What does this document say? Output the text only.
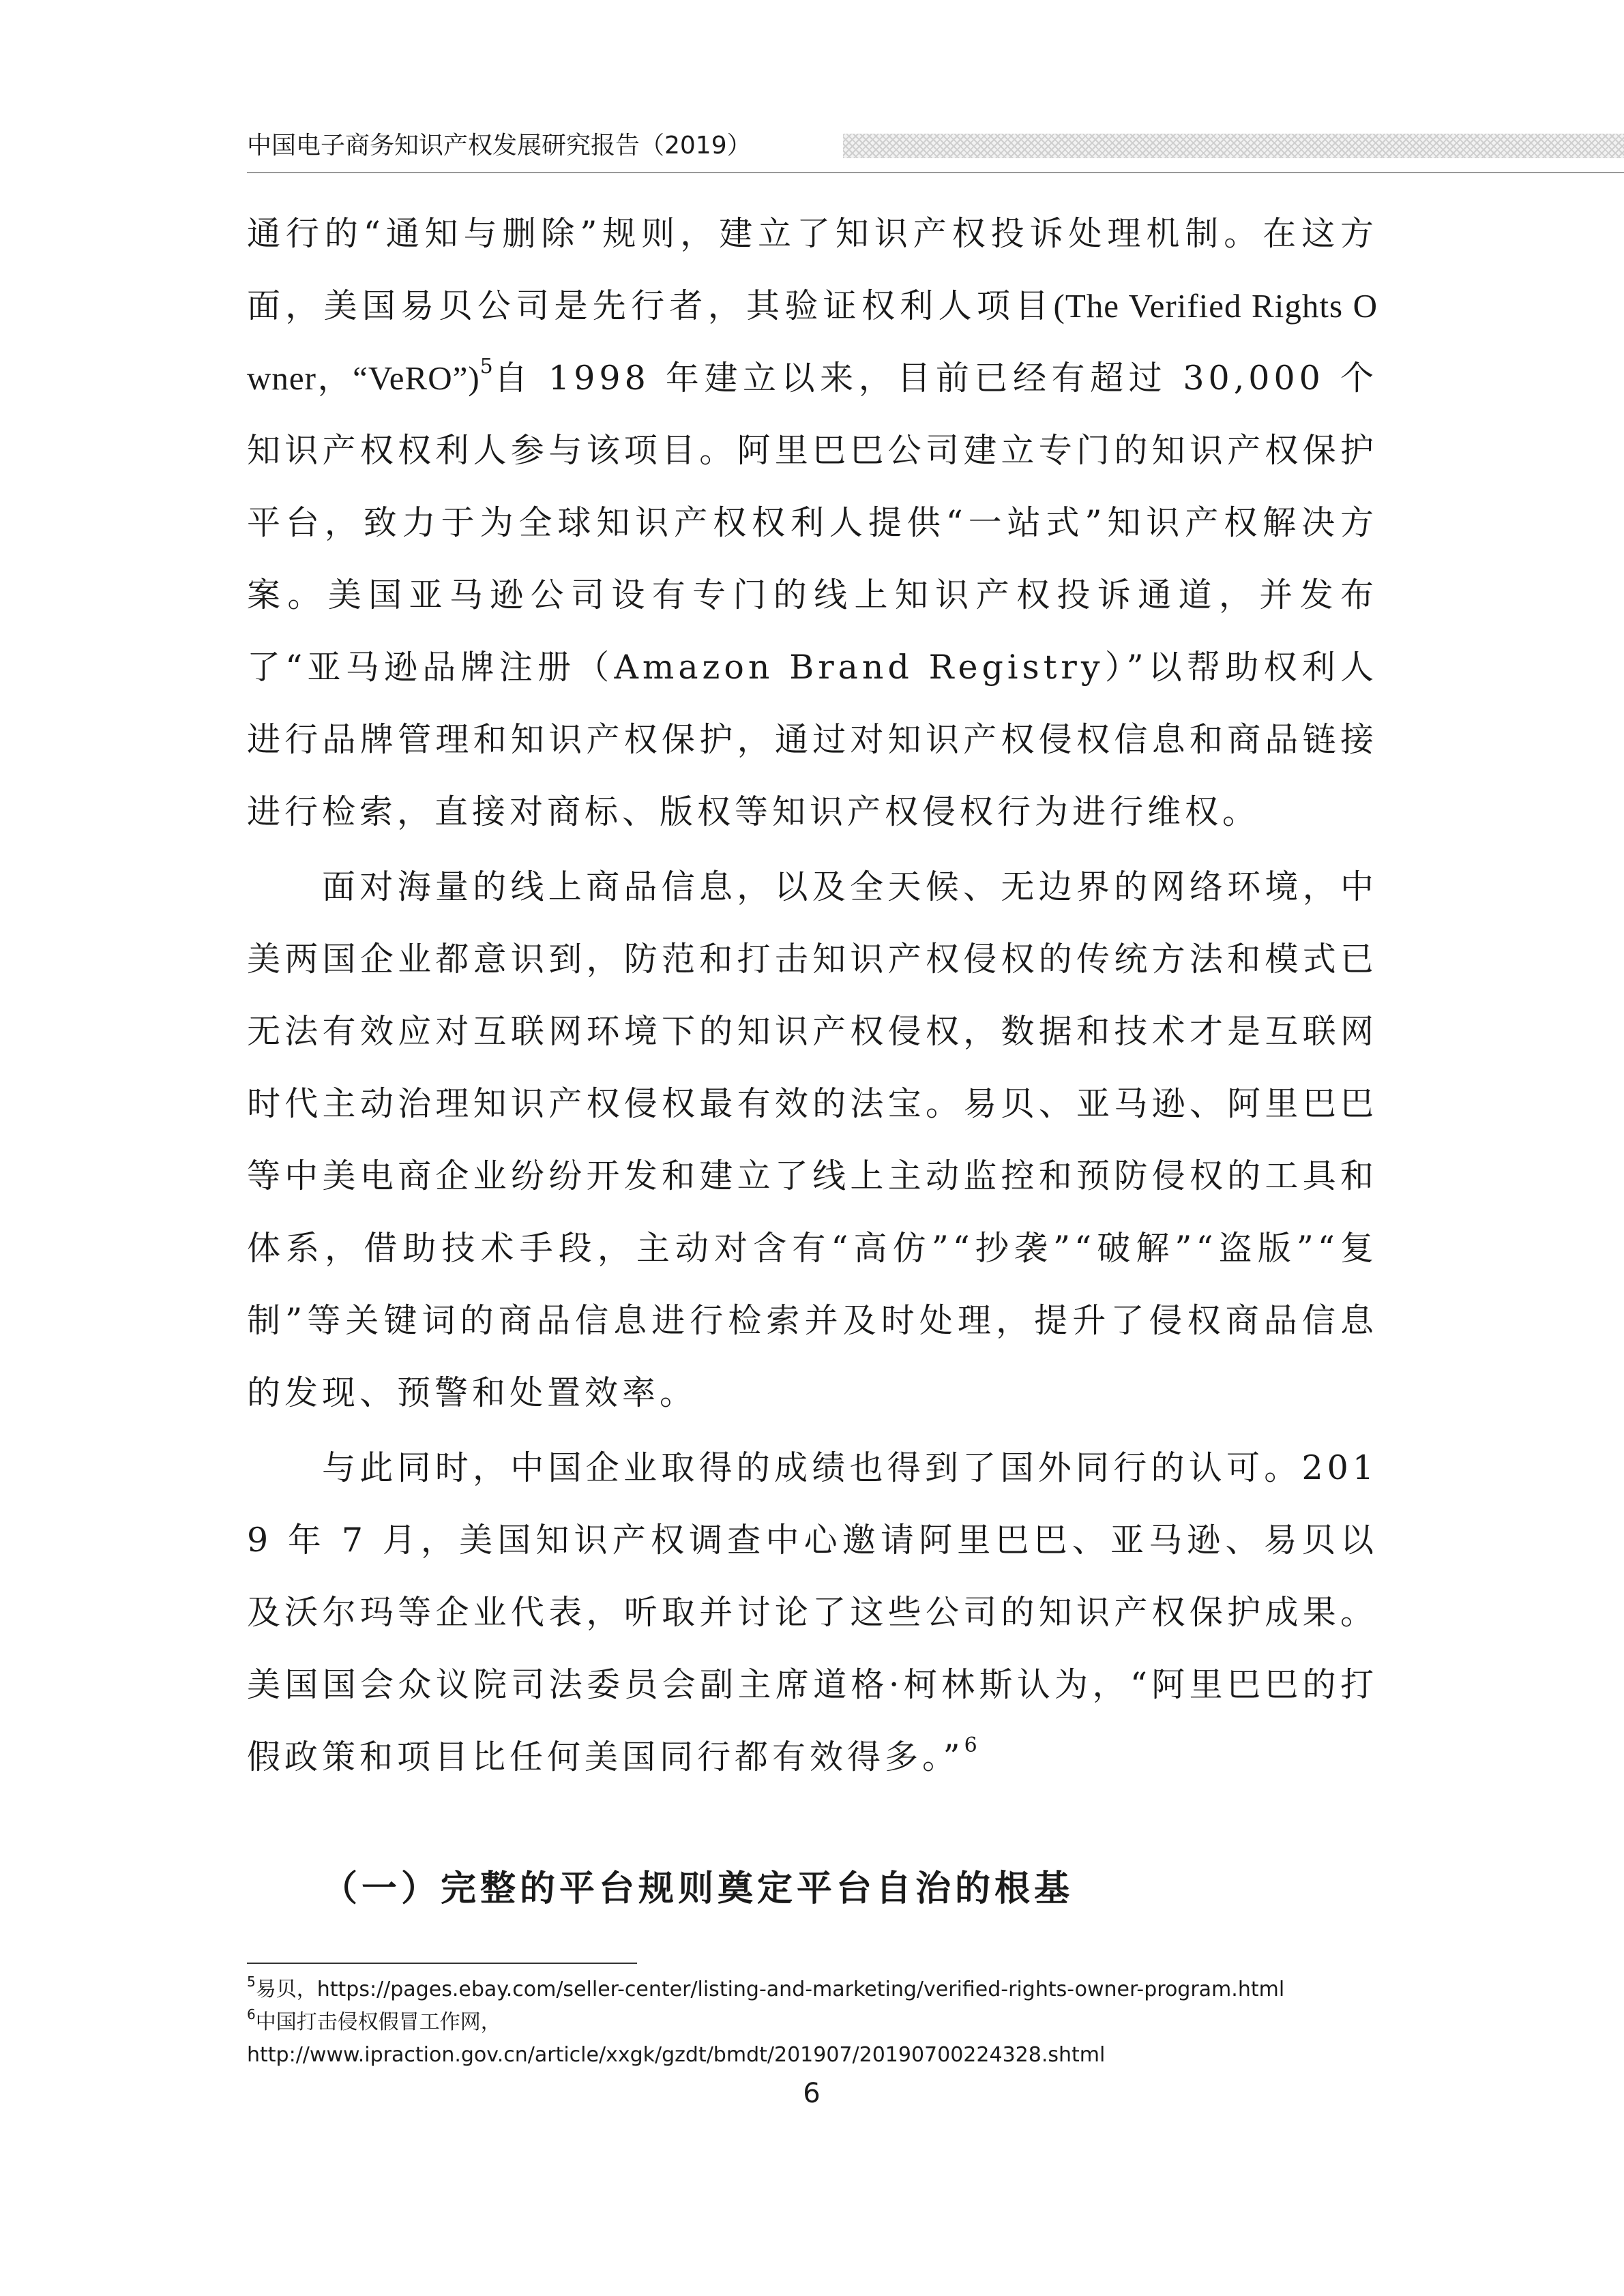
中国电子商务知识产权发展研究报告（2019）

通行的“通知与删除”规则，建立了知识产权投诉处理机制。在这方面，美国易贝公司是先行者，其验证权利人项目(The Verified Rights Owner，“VeRO”)$^5$自 1998 年建立以来，目前已经有超过 30,000 个知识产权权利人参与该项目。阿里巴巴公司建立专门的知识产权保护平台，致力于为全球知识产权权利人提供“一站式”知识产权解决方案。美国亚马逊公司设有专门的线上知识产权投诉通道，并发布了“亚马逊品牌注册（Amazon Brand Registry）”以帮助权利人进行品牌管理和知识产权保护，通过对知识产权侵权信息和商品链接进行检索，直接对商标、版权等知识产权侵权行为进行维权。

面对海量的线上商品信息，以及全天候、无边界的网络环境，中美两国企业都意识到，防范和打击知识产权侵权的传统方法和模式已无法有效应对互联网环境下的知识产权侵权，数据和技术才是互联网时代主动治理知识产权侵权最有效的法宝。易贝、亚马逊、阿里巴巴等中美电商企业纷纷开发和建立了线上主动监控和预防侵权的工具和体系，借助技术手段，主动对含有“高仿”“抄袭”“破解”“盗版”“复制”等关键词的商品信息进行检索并及时处理，提升了侵权商品信息的发现、预警和处置效率。

与此同时，中国企业取得的成绩也得到了国外同行的认可。2019 年 7 月，美国知识产权调查中心邀请阿里巴巴、亚马逊、易贝以及沃尔玛等企业代表，听取并讨论了这些公司的知识产权保护成果。美国国会众议院司法委员会副主席道格·柯林斯认为，“阿里巴巴的打假政策和项目比任何美国同行都有效得多。”$^6$

（一）完整的平台规则奠定平台自治的根基

$^5$易贝，https://pages.ebay.com/seller-center/listing-and-marketing/verified-rights-owner-program.html

$^6$中国打击侵权假冒工作网，

http://www.ipraction.gov.cn/article/xxgk/gzdt/bmdt/201907/20190700224328.shtml

6
